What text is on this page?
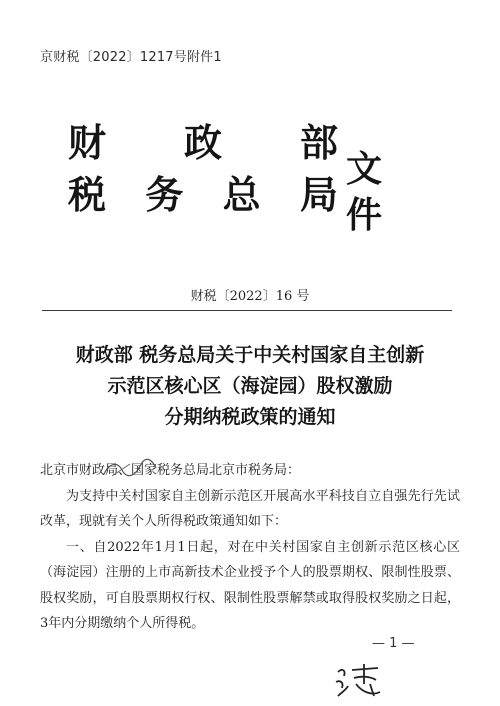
京财税〔2022〕1217号附件1
财 政 部
税 务 总 局
文件
财税〔2022〕16 号
财政部 税务总局关于中关村国家自主创新
示范区核心区（海淀园）股权激励
分期纳税政策的通知

北京市财政局、国家税务总局北京市税务局：

为支持中关村国家自主创新示范区开展高水平科技自立自强先行先试改革，现就有关个人所得税政策通知如下：

一、自2022年1月1日起，对在中关村国家自主创新示范区核心区（海淀园）注册的上市高新技术企业授予个人的股票期权、限制性股票、股权奖励，可自股票期权行权、限制性股票解禁或取得股权奖励之日起，3年内分期缴纳个人所得税。

— 1 —
